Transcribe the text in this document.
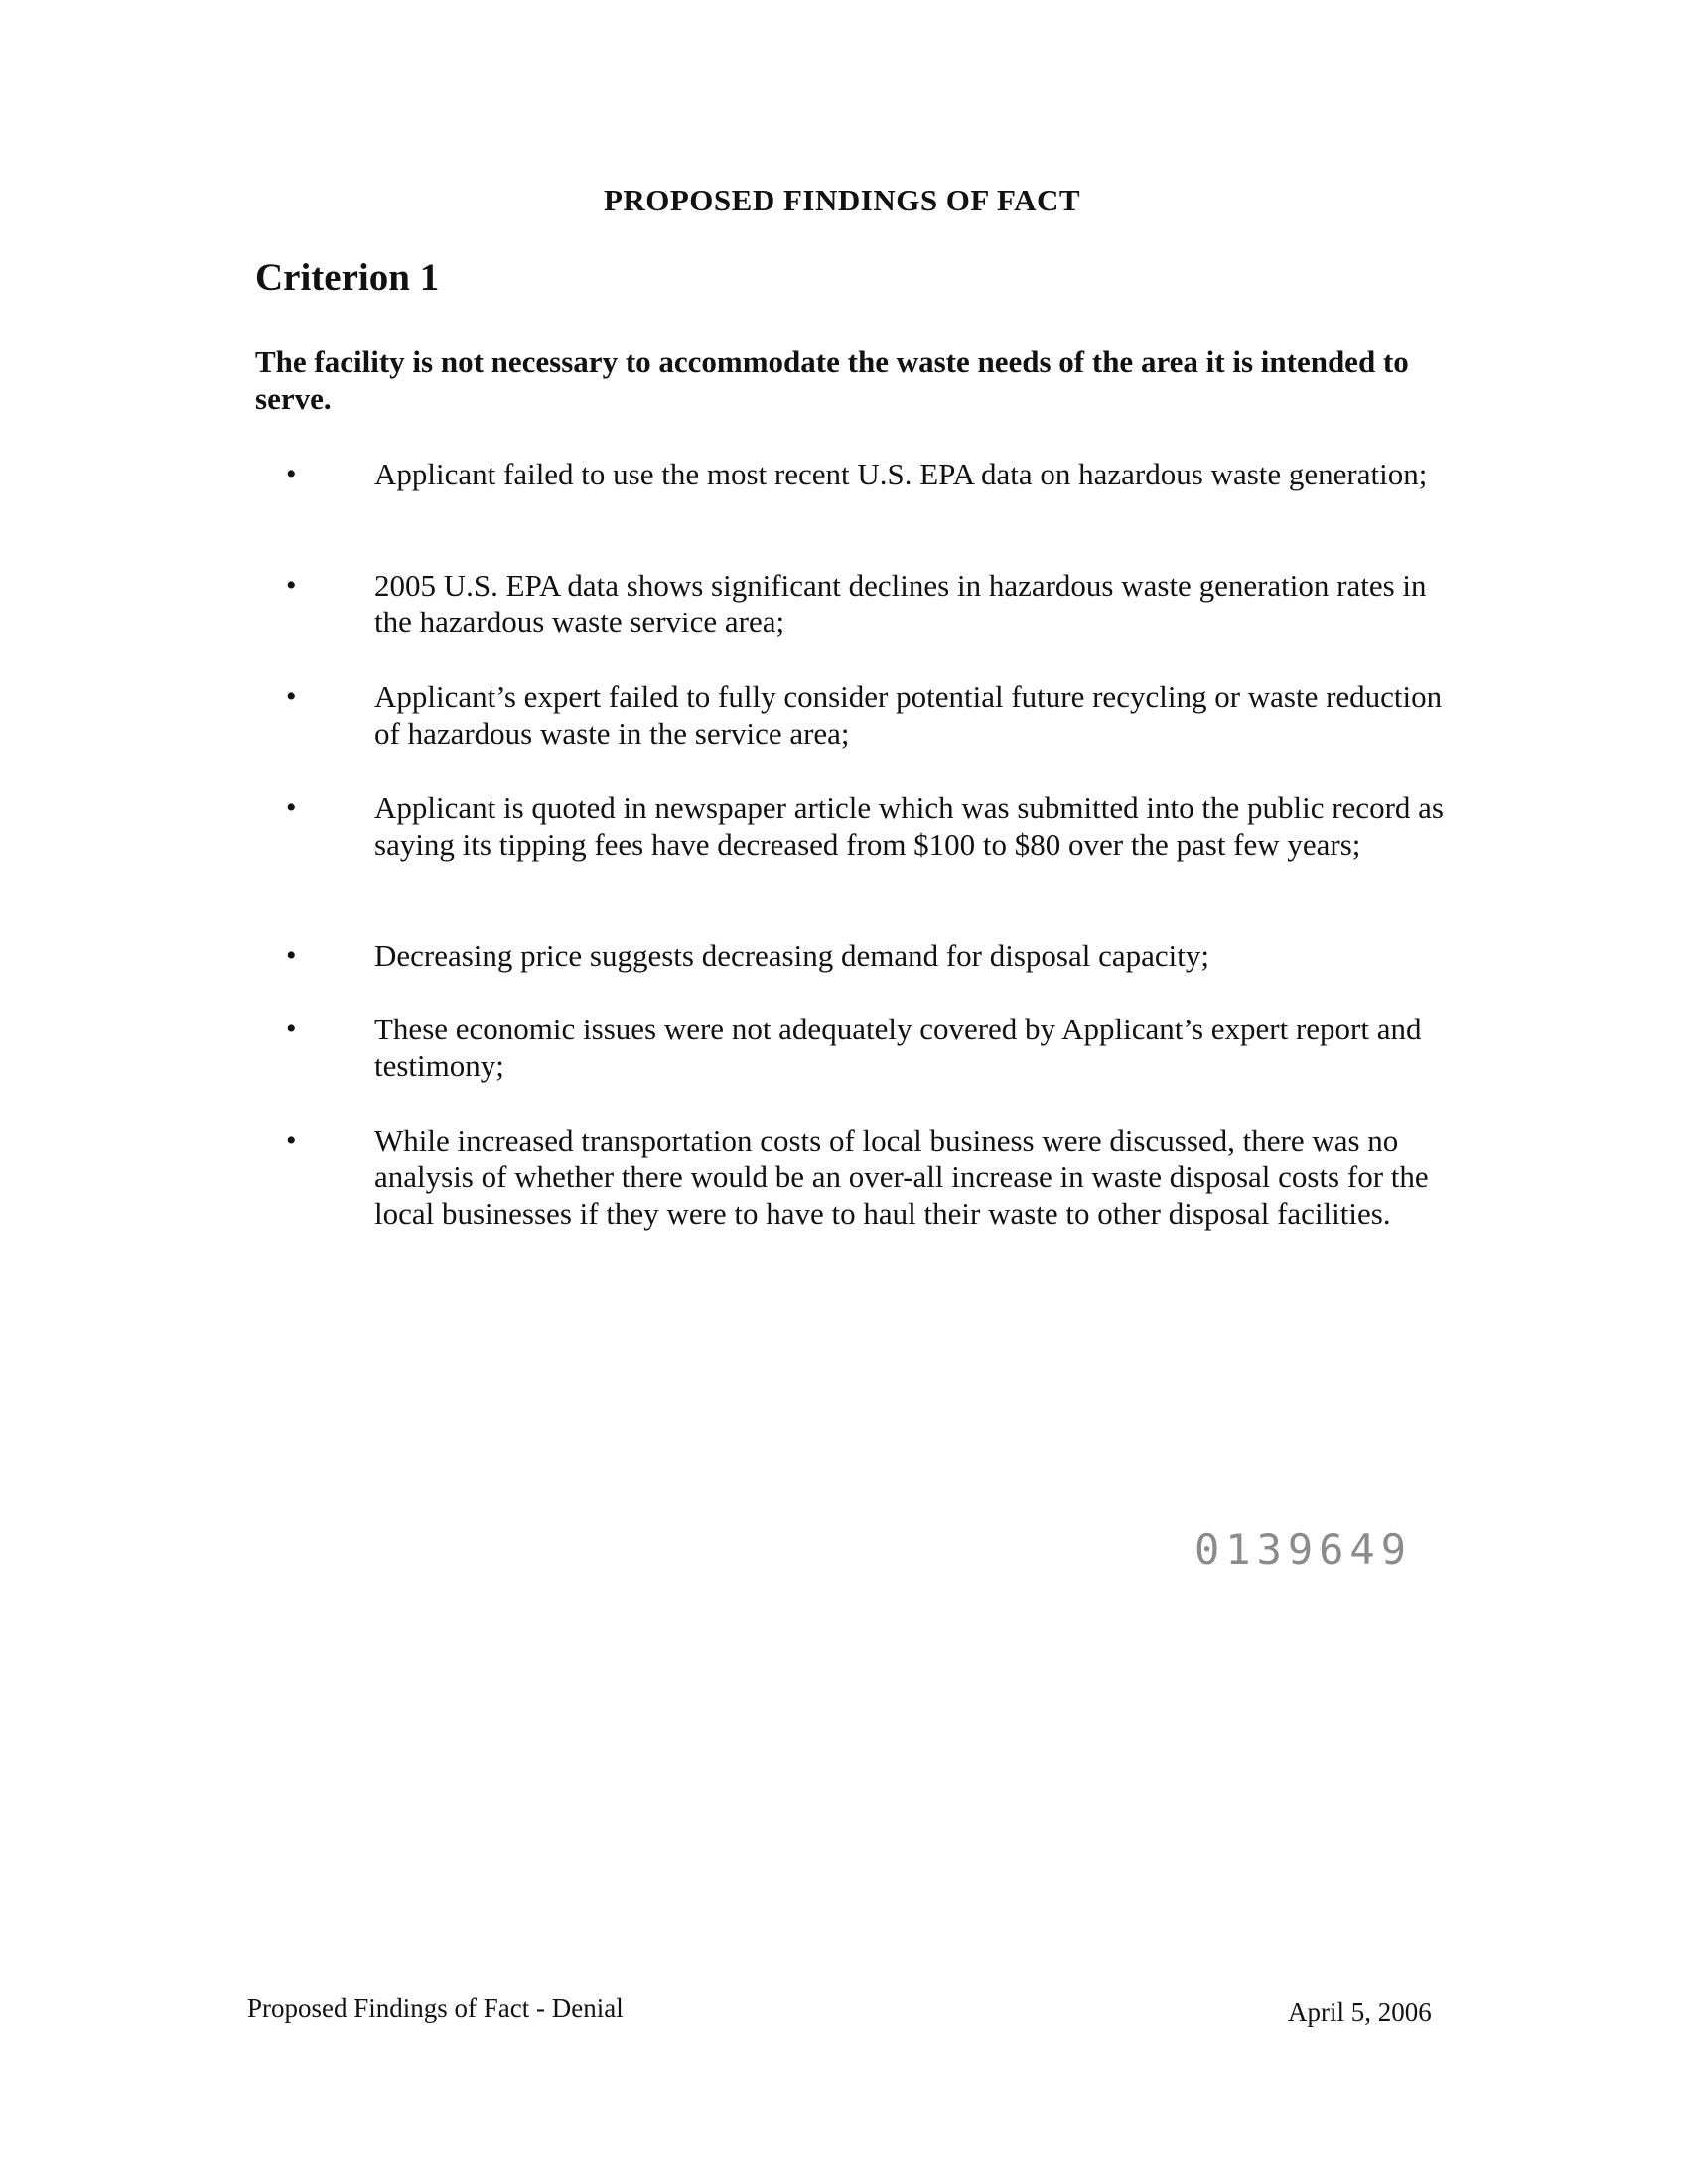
PROPOSED FINDINGS OF FACT
Criterion 1
The facility is not necessary to accommodate the waste needs of the area it is intended to serve.
•	Applicant failed to use the most recent U.S. EPA data on hazardous waste generation;
•	2005 U.S. EPA data shows significant declines in hazardous waste generation rates in the hazardous waste service area;
•	Applicant’s expert failed to fully consider potential future recycling or waste reduction of hazardous waste in the service area;
•	Applicant is quoted in newspaper article which was submitted into the public record as saying its tipping fees have decreased from $100 to $80 over the past few years;
•	Decreasing price suggests decreasing demand for disposal capacity;
•	These economic issues were not adequately covered by Applicant’s expert report and testimony;
•	While increased transportation costs of local business were discussed, there was no analysis of whether there would be an over-all increase in waste disposal costs for the local businesses if they were to have to haul their waste to other disposal facilities.
0139649
Proposed Findings of Fact - Denial	April 5, 2006
